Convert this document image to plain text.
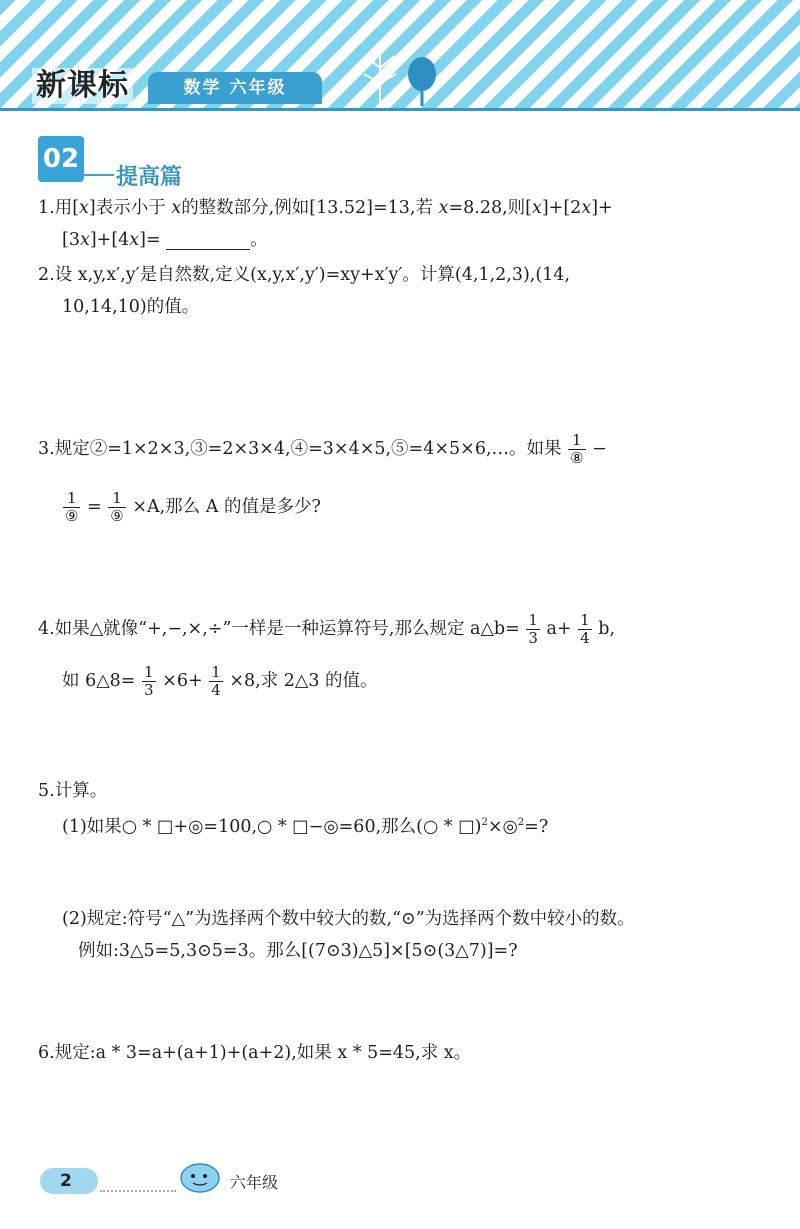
新课标	数学 六年级
02
提高篇
1.用[x]表示小于 x的整数部分,例如[13.52]=13,若 x=8.28,则[x]+[2x]+
[3x]+[4x]=	。
2.设 x,y,x′,y′是自然数,定义(x,y,x′,y′)=xy+x′y′。计算(4,1,2,3),(14,
10,14,10)的值。
3.规定②=1×2×3,③=2×3×4,④=3×4×5,⑤=4×5×6,…。如果 $\frac{1}{\text{⑧}}$ −
$\frac{1}{\text{⑨}} = \frac{1}{\text{⑨}} \times A$,那么 A 的值是多少?
4.如果△就像“+,−,×,÷”一样是一种运算符号,那么规定 a△b= $\frac{1}{3} a+ \frac{1}{4} b$,
如 6△8= $\frac{1}{3} \times 6+ \frac{1}{4} \times 8$,求 2△3 的值。
5.计算。
(1)如果○ * □+◎=100,○ * □−◎=60,那么(○ * □)$^2$×◎$^2$=?
(2)规定:符号“△”为选择两个数中较大的数,“⊙”为选择两个数中较小的数。
例如:3△5=5,3⊙5=3。那么[(7⊙3)△5]×[5⊙(3△7)]=?
6.规定:a * 3=a+(a+1)+(a+2),如果 x * 5=45,求 x。
2	六年级
